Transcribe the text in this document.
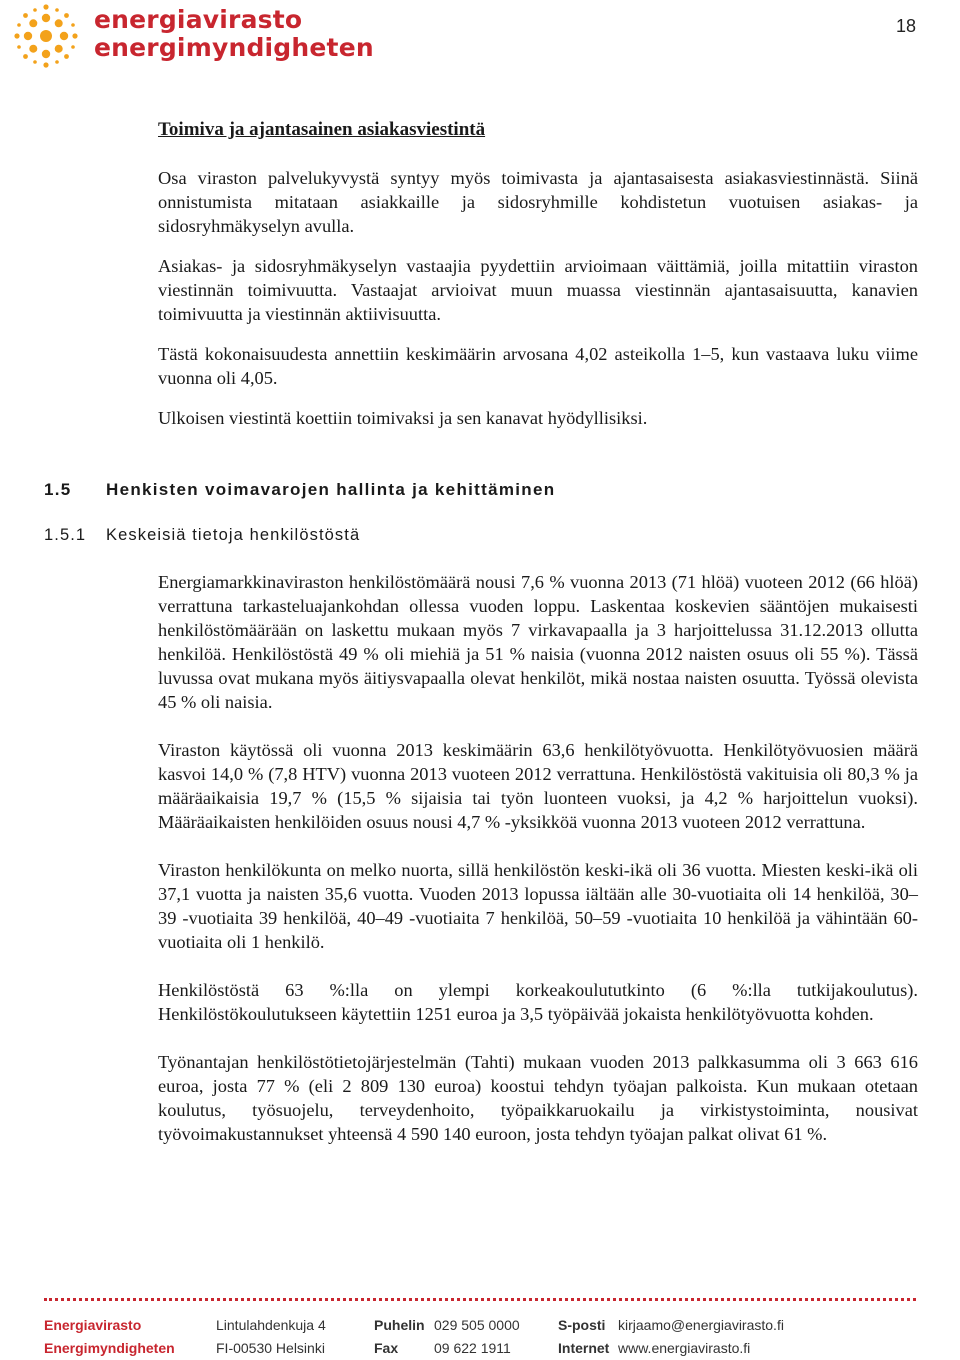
energiavirasto
energimyndigheten
18
Toimiva ja ajantasainen asiakasviestintä

Osa viraston palvelukyvystä syntyy myös toimivasta ja ajantasaisesta asiakasviestinnästä. Siinä onnistumista mitataan asiakkaille ja sidosryhmille kohdistetun vuotuisen asiakas- ja sidosryhmäkyselyn avulla.

Asiakas- ja sidosryhmäkyselyn vastaajia pyydettiin arvioimaan väittämiä, joilla mitattiin viraston viestinnän toimivuutta. Vastaajat arvioivat muun muassa viestinnän ajantasaisuutta, kanavien toimivuutta ja viestinnän aktiivisuutta.

Tästä kokonaisuudesta annettiin keskimäärin arvosana 4,02 asteikolla 1–5, kun vastaava luku viime vuonna oli 4,05.

Ulkoisen viestintä koettiin toimivaksi ja sen kanavat hyödyllisiksi.

1.5 Henkisten voimavarojen hallinta ja kehittäminen
1.5.1 Keskeisiä tietoja henkilöstöstä

Energiamarkkinaviraston henkilöstömäärä nousi 7,6 % vuonna 2013 (71 hlöä) vuoteen 2012 (66 hlöä) verrattuna tarkasteluajankohdan ollessa vuoden loppu. Laskentaa koskevien sääntöjen mukaisesti henkilöstömäärään on laskettu mukaan myös 7 virkavapaalla ja 3 harjoittelussa 31.12.2013 ollutta henkilöä. Henkilöstöstä 49 % oli miehiä ja 51 % naisia (vuonna 2012 naisten osuus oli 55 %). Tässä luvussa ovat mukana myös äitiysvapaalla olevat henkilöt, mikä nostaa naisten osuutta. Työssä olevista 45 % oli naisia.

Viraston käytössä oli vuonna 2013 keskimäärin 63,6 henkilötyövuotta. Henkilötyövuosien määrä kasvoi 14,0 % (7,8 HTV) vuonna 2013 vuoteen 2012 verrattuna. Henkilöstöstä vakituisia oli 80,3 % ja määräaikaisia 19,7 % (15,5 % sijaisia tai työn luonteen vuoksi, ja 4,2 % harjoittelun vuoksi). Määräaikaisten henkilöiden osuus nousi 4,7 % -yksikköä vuonna 2013 vuoteen 2012 verrattuna.

Viraston henkilökunta on melko nuorta, sillä henkilöstön keski-ikä oli 36 vuotta. Miesten keski-ikä oli 37,1 vuotta ja naisten 35,6 vuotta. Vuoden 2013 lopussa iältään alle 30-vuotiaita oli 14 henkilöä, 30–39 -vuotiaita 39 henkilöä, 40–49 -vuotiaita 7 henkilöä, 50–59 -vuotiaita 10 henkilöä ja vähintään 60-vuotiaita oli 1 henkilö.

Henkilöstöstä 63 %:lla on ylempi korkeakoulututkinto (6 %:lla tutkijakoulutus). Henkilöstökoulutukseen käytettiin 1251 euroa ja 3,5 työpäivää jokaista henkilötyövuotta kohden.

Työnantajan henkilöstötietojärjestelmän (Tahti) mukaan vuoden 2013 palkkasumma oli 3 663 616 euroa, josta 77 % (eli 2 809 130 euroa) koostui tehdyn työajan palkoista. Kun mukaan otetaan koulutus, työsuojelu, terveydenhoito, työpaikkaruokailu ja virkistystoiminta, nousivat työvoimakustannukset yhteensä 4 590 140 euroon, josta tehdyn työajan palkat olivat 61 %.

Energiavirasto
Energimyndigheten
Lintulahdenkuja 4
FI-00530 Helsinki
Puhelin 029 505 0000
Fax	09 622 1911
S-posti kirjaamo@energiavirasto.fi
Internet www.energiavirasto.fi
